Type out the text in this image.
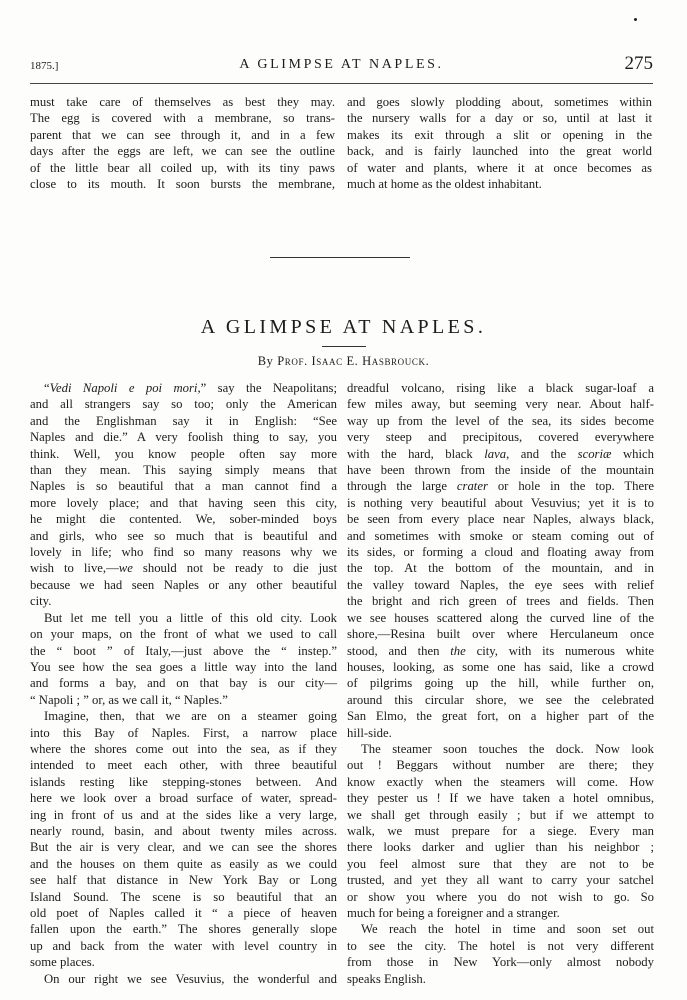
1875.]	A GLIMPSE AT NAPLES.	275

must take care of themselves as best they may.
The egg is covered with a membrane, so trans-
parent that we can see through it, and in a few
days after the eggs are left, we can see the outline
of the little bear all coiled up, with its tiny paws
close to its mouth. It soon bursts the membrane,

and goes slowly plodding about, sometimes within
the nursery walls for a day or so, until at last it
makes its exit through a slit or opening in the
back, and is fairly launched into the great world
of water and plants, where it at once becomes as
much at home as the oldest inhabitant.

A GLIMPSE AT NAPLES.
By Prof. Isaac E. Hasbrouck.

“Vedi Napoli e poi mori,” say the Neapolitans;
and all strangers say so too; only the American
and the Englishman say it in English: “See
Naples and die.” A very foolish thing to say, you
think. Well, you know people often say more
than they mean. This saying simply means that
Naples is so beautiful that a man cannot find a
more lovely place; and that having seen this city,
he might die contented. We, sober-minded boys
and girls, who see so much that is beautiful and
lovely in life; who find so many reasons why we
wish to live,—we should not be ready to die just
because we had seen Naples or any other beautiful
city.

But let me tell you a little of this old city. Look
on your maps, on the front of what we used to call
the “ boot ” of Italy,—just above the “ instep.”
You see how the sea goes a little way into the land
and forms a bay, and on that bay is our city—
“ Napoli ; ” or, as we call it, “ Naples.”

Imagine, then, that we are on a steamer going
into this Bay of Naples. First, a narrow place
where the shores come out into the sea, as if they
intended to meet each other, with three beautiful
islands resting like stepping-stones between. And
here we look over a broad surface of water, spread-
ing in front of us and at the sides like a very large,
nearly round, basin, and about twenty miles across.
But the air is very clear, and we can see the shores
and the houses on them quite as easily as we could
see half that distance in New York Bay or Long
Island Sound. The scene is so beautiful that an
old poet of Naples called it “ a piece of heaven
fallen upon the earth.” The shores generally slope
up and back from the water with level country in
some places.

On our right we see Vesuvius, the wonderful and

dreadful volcano, rising like a black sugar-loaf a
few miles away, but seeming very near. About half-
way up from the level of the sea, its sides become
very steep and precipitous, covered everywhere
with the hard, black lava, and the scoriæ which
have been thrown from the inside of the mountain
through the large crater or hole in the top. There
is nothing very beautiful about Vesuvius; yet it is to
be seen from every place near Naples, always black,
and sometimes with smoke or steam coming out of
its sides, or forming a cloud and floating away from
the top. At the bottom of the mountain, and in
the valley toward Naples, the eye sees with relief
the bright and rich green of trees and fields. Then
we see houses scattered along the curved line of the
shore,—Resina built over where Herculaneum once
stood, and then the city, with its numerous white
houses, looking, as some one has said, like a crowd
of pilgrims going up the hill, while further on,
around this circular shore, we see the celebrated
San Elmo, the great fort, on a higher part of the
hill-side.

The steamer soon touches the dock. Now look
out ! Beggars without number are there; they
know exactly when the steamers will come. How
they pester us ! If we have taken a hotel omnibus,
we shall get through easily ; but if we attempt to
walk, we must prepare for a siege. Every man
there looks darker and uglier than his neighbor ;
you feel almost sure that they are not to be
trusted, and yet they all want to carry your satchel
or show you where you do not wish to go. So
much for being a foreigner and a stranger.

We reach the hotel in time and soon set out
to see the city. The hotel is not very different
from those in New York—only almost nobody
speaks English.
